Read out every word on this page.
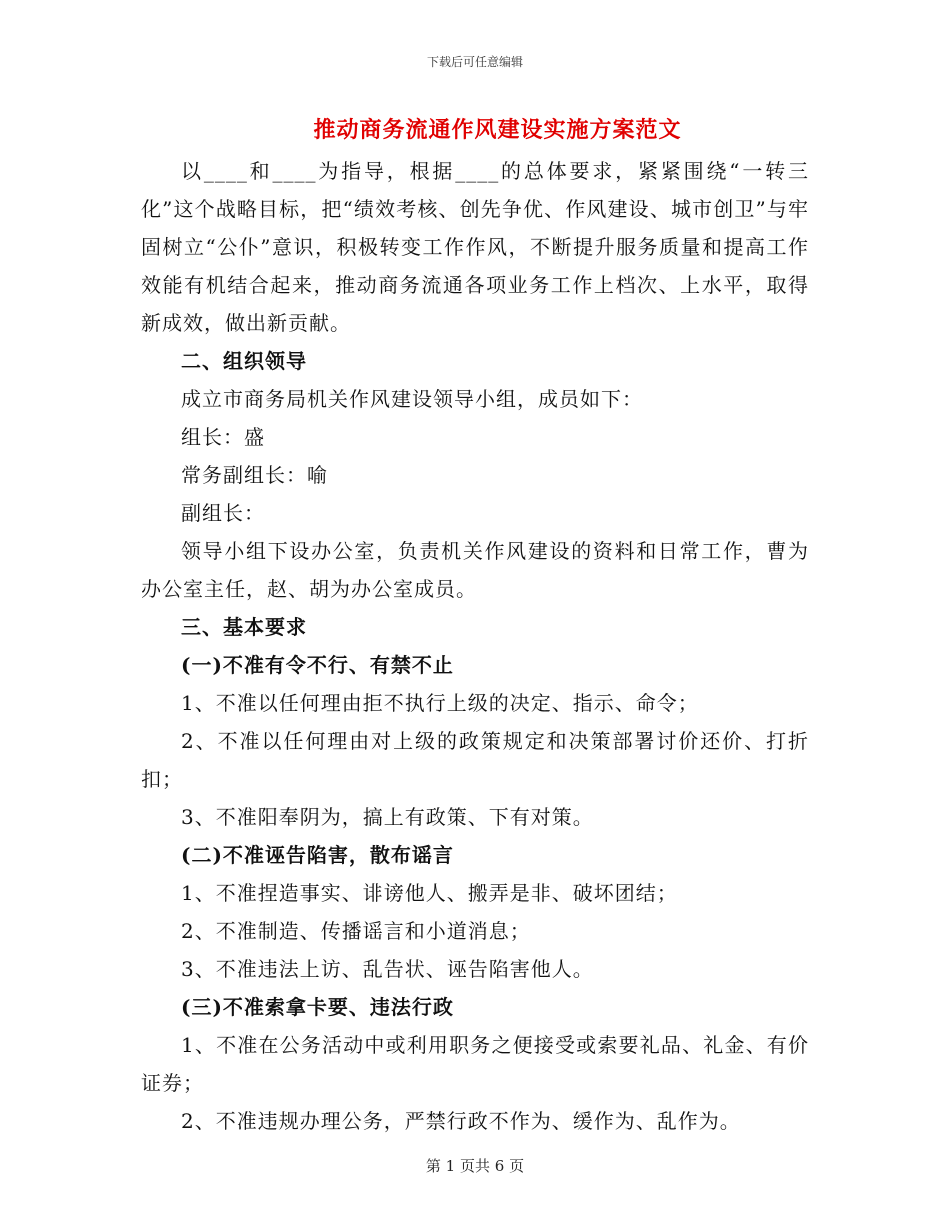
下载后可任意编辑
推动商务流通作风建设实施方案范文

以____和____为指导，根据____的总体要求，紧紧围绕“一转三化”这个战略目标，把“绩效考核、创先争优、作风建设、城市创卫”与牢固树立“公仆”意识，积极转变工作作风，不断提升服务质量和提高工作效能有机结合起来，推动商务流通各项业务工作上档次、上水平，取得新成效，做出新贡献。

二、组织领导

成立市商务局机关作风建设领导小组，成员如下：

组长：盛

常务副组长：喻

副组长：

领导小组下设办公室，负责机关作风建设的资料和日常工作，曹为办公室主任，赵、胡为办公室成员。

三、基本要求

(一)不准有令不行、有禁不止

1、不准以任何理由拒不执行上级的决定、指示、命令；

2、不准以任何理由对上级的政策规定和决策部署讨价还价、打折扣；

3、不准阳奉阴为，搞上有政策、下有对策。

(二)不准诬告陷害，散布谣言

1、不准捏造事实、诽谤他人、搬弄是非、破坏团结；

2、不准制造、传播谣言和小道消息；

3、不准违法上访、乱告状、诬告陷害他人。

(三)不准索拿卡要、违法行政

1、不准在公务活动中或利用职务之便接受或索要礼品、礼金、有价证券；

2、不准违规办理公务，严禁行政不作为、缓作为、乱作为。

第 1 页共 6 页
